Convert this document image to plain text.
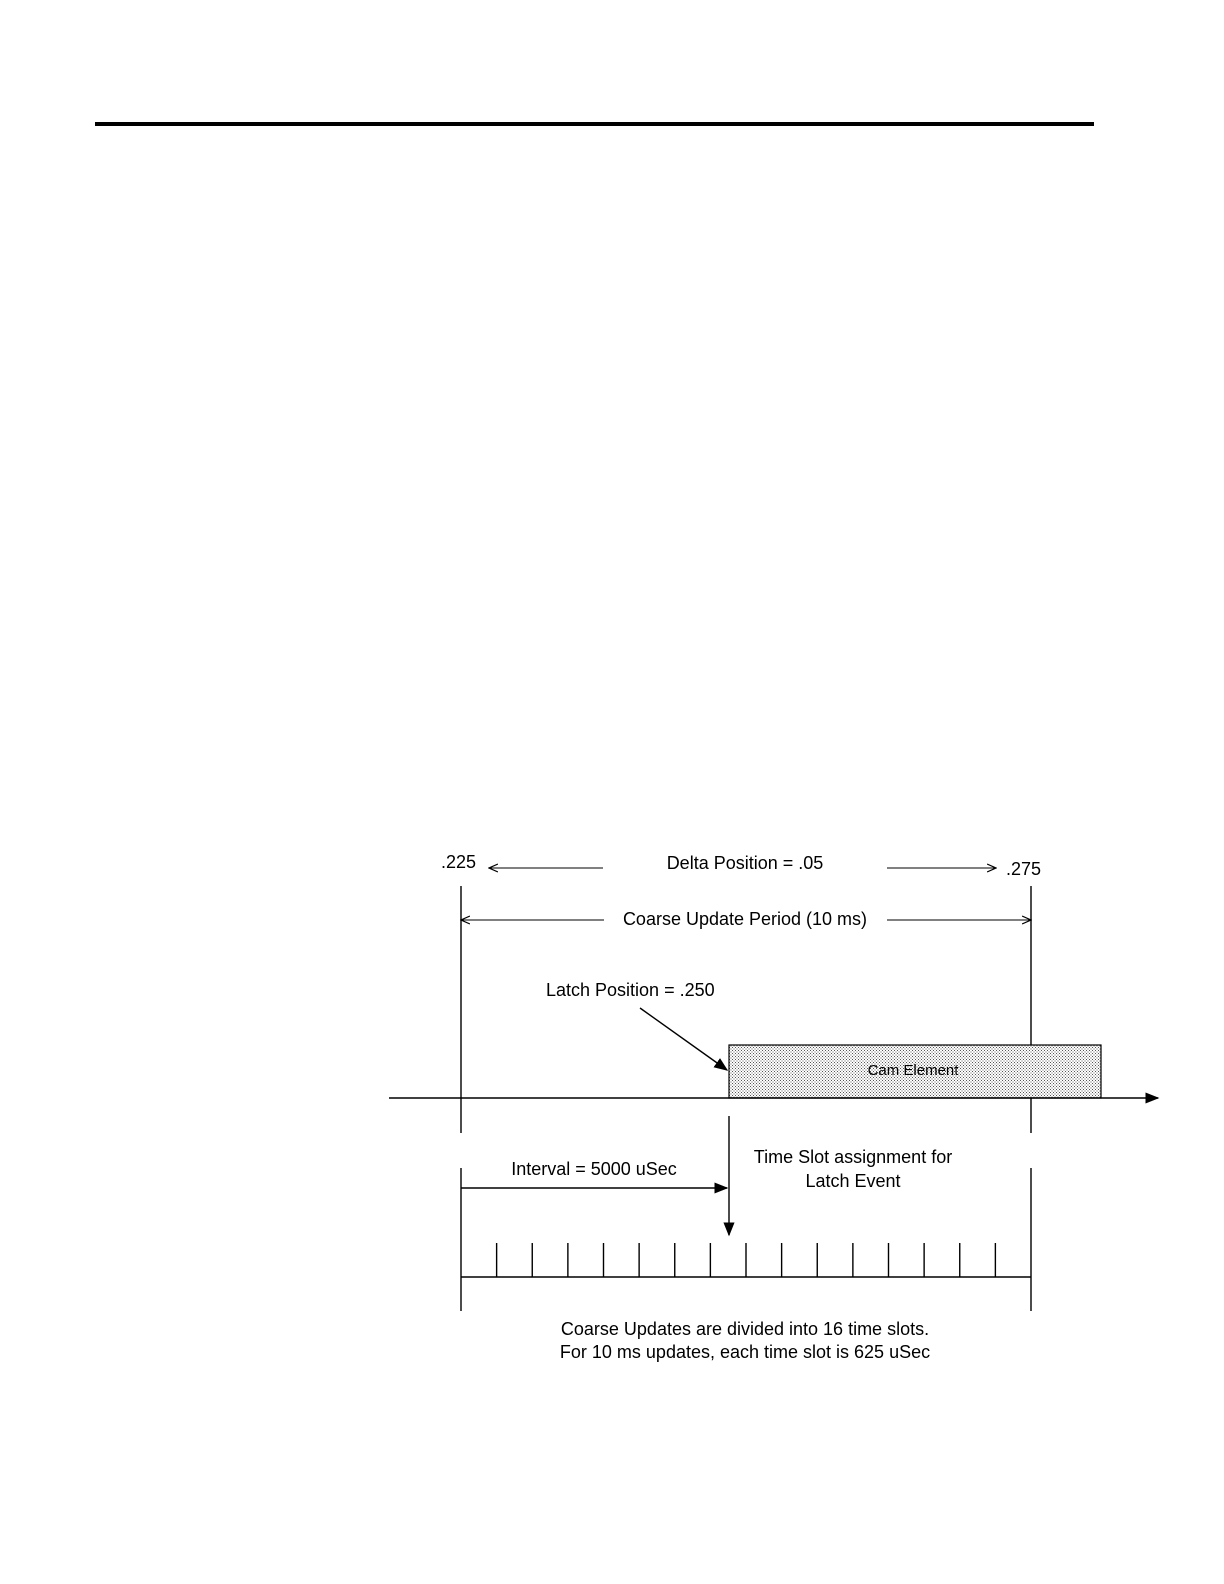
.225	.275
Delta Position = .05
Coarse Update Period (10 ms)
Latch Position = .250
Cam Element
Time Slot assignment for
Latch Event
Interval = 5000 uSec
Coarse Updates are divided into 16 time slots.
For 10 ms updates, each time slot is 625 uSec
